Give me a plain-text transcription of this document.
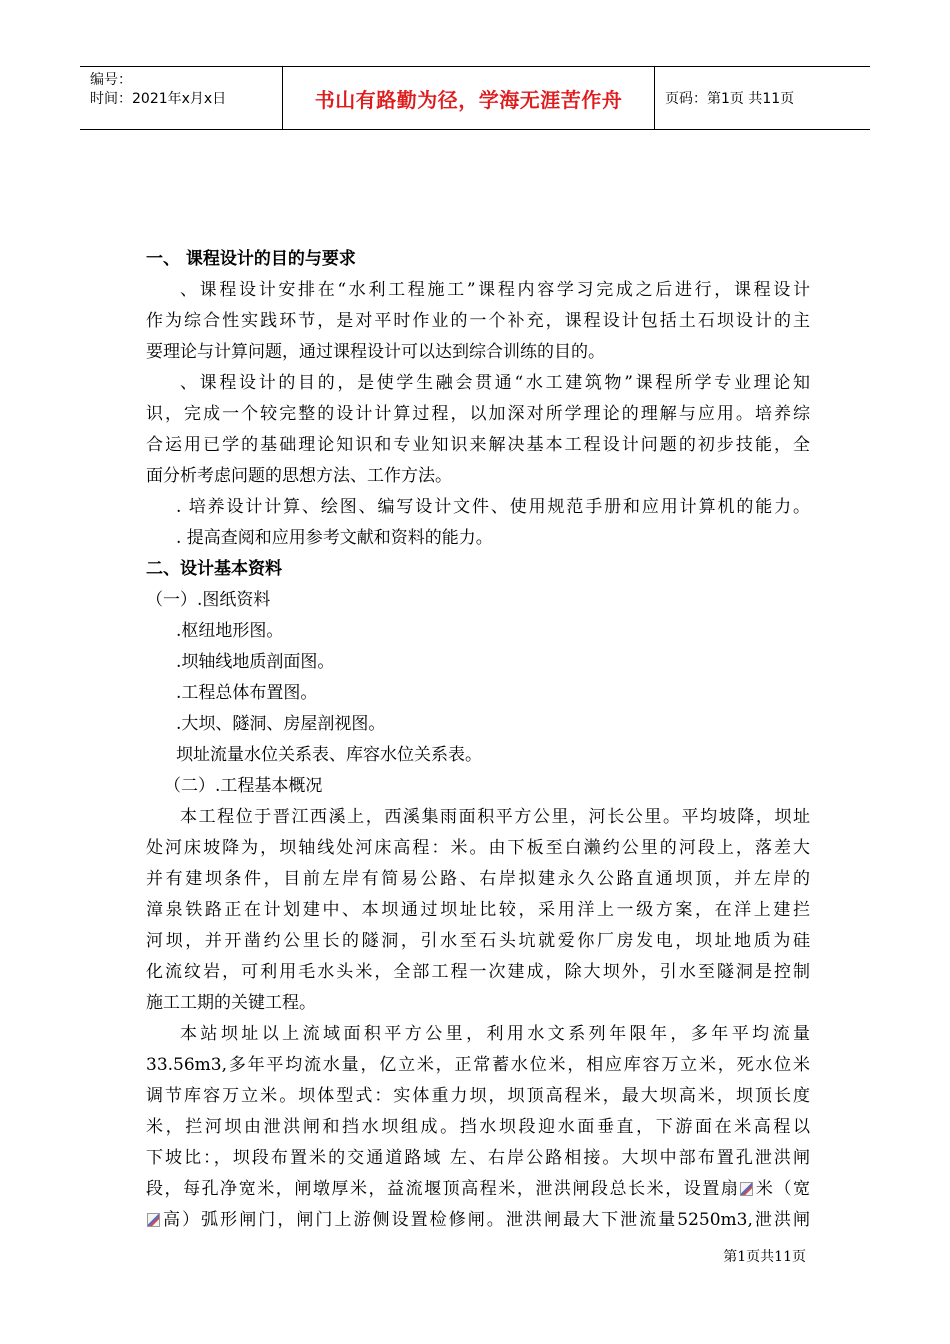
编号：
时间：2021年x月x日	书山有路勤为径，学海无涯苦作舟	页码：第1页 共11页
一、 课程设计的目的与要求
、课程设计安排在“水利工程施工”课程内容学习完成之后进行，课程设计
作为综合性实践环节，是对平时作业的一个补充，课程设计包括土石坝设计的主
要理论与计算问题，通过课程设计可以达到综合训练的目的。
、课程设计的目的，是使学生融会贯通“水工建筑物”课程所学专业理论知
识，完成一个较完整的设计计算过程，以加深对所学理论的理解与应用。培养综
合运用已学的基础理论知识和专业知识来解决基本工程设计问题的初步技能，全
面分析考虑问题的思想方法、工作方法。
. 培养设计计算、绘图、编写设计文件、使用规范手册和应用计算机的能力。
. 提高查阅和应用参考文献和资料的能力。
二、设计基本资料
（一）.图纸资料
.枢纽地形图。
.坝轴线地质剖面图。
.工程总体布置图。
.大坝、隧洞、房屋剖视图。
坝址流量水位关系表、库容水位关系表。
（二）.工程基本概况
本工程位于晋江西溪上，西溪集雨面积平方公里，河长公里。平均坡降，坝址
处河床坡降为，坝轴线处河床高程：米。由下板至白濑约公里的河段上，落差大
并有建坝条件，目前左岸有简易公路、右岸拟建永久公路直通坝顶，并左岸的
漳泉铁路正在计划建中、本坝通过坝址比较，采用洋上一级方案，在洋上建拦
河坝，并开凿约公里长的隧洞，引水至石头坑就爱你厂房发电，坝址地质为硅
化流纹岩，可利用毛水头米，全部工程一次建成，除大坝外，引水至隧洞是控制
施工工期的关键工程。
本站坝址以上流域面积平方公里，利用水文系列年限年，多年平均流量
33.56m3,多年平均流水量，亿立米，正常蓄水位米，相应库容万立米，死水位米
调节库容万立米。坝体型式：实体重力坝，坝顶高程米，最大坝高米，坝顶长度
米，拦河坝由泄洪闸和挡水坝组成。挡水坝段迎水面垂直，下游面在米高程以
下坡比：，坝段布置米的交通道路域 左、右岸公路相接。大坝中部布置孔泄洪闸
段，每孔净宽米，闸墩厚米，益流堰顶高程米，泄洪闸段总长米，设置扇 米（宽
高）弧形闸门，闸门上游侧设置检修闸。泄洪闸最大下泄流量5250m3,泄洪闸
第1页共11页
